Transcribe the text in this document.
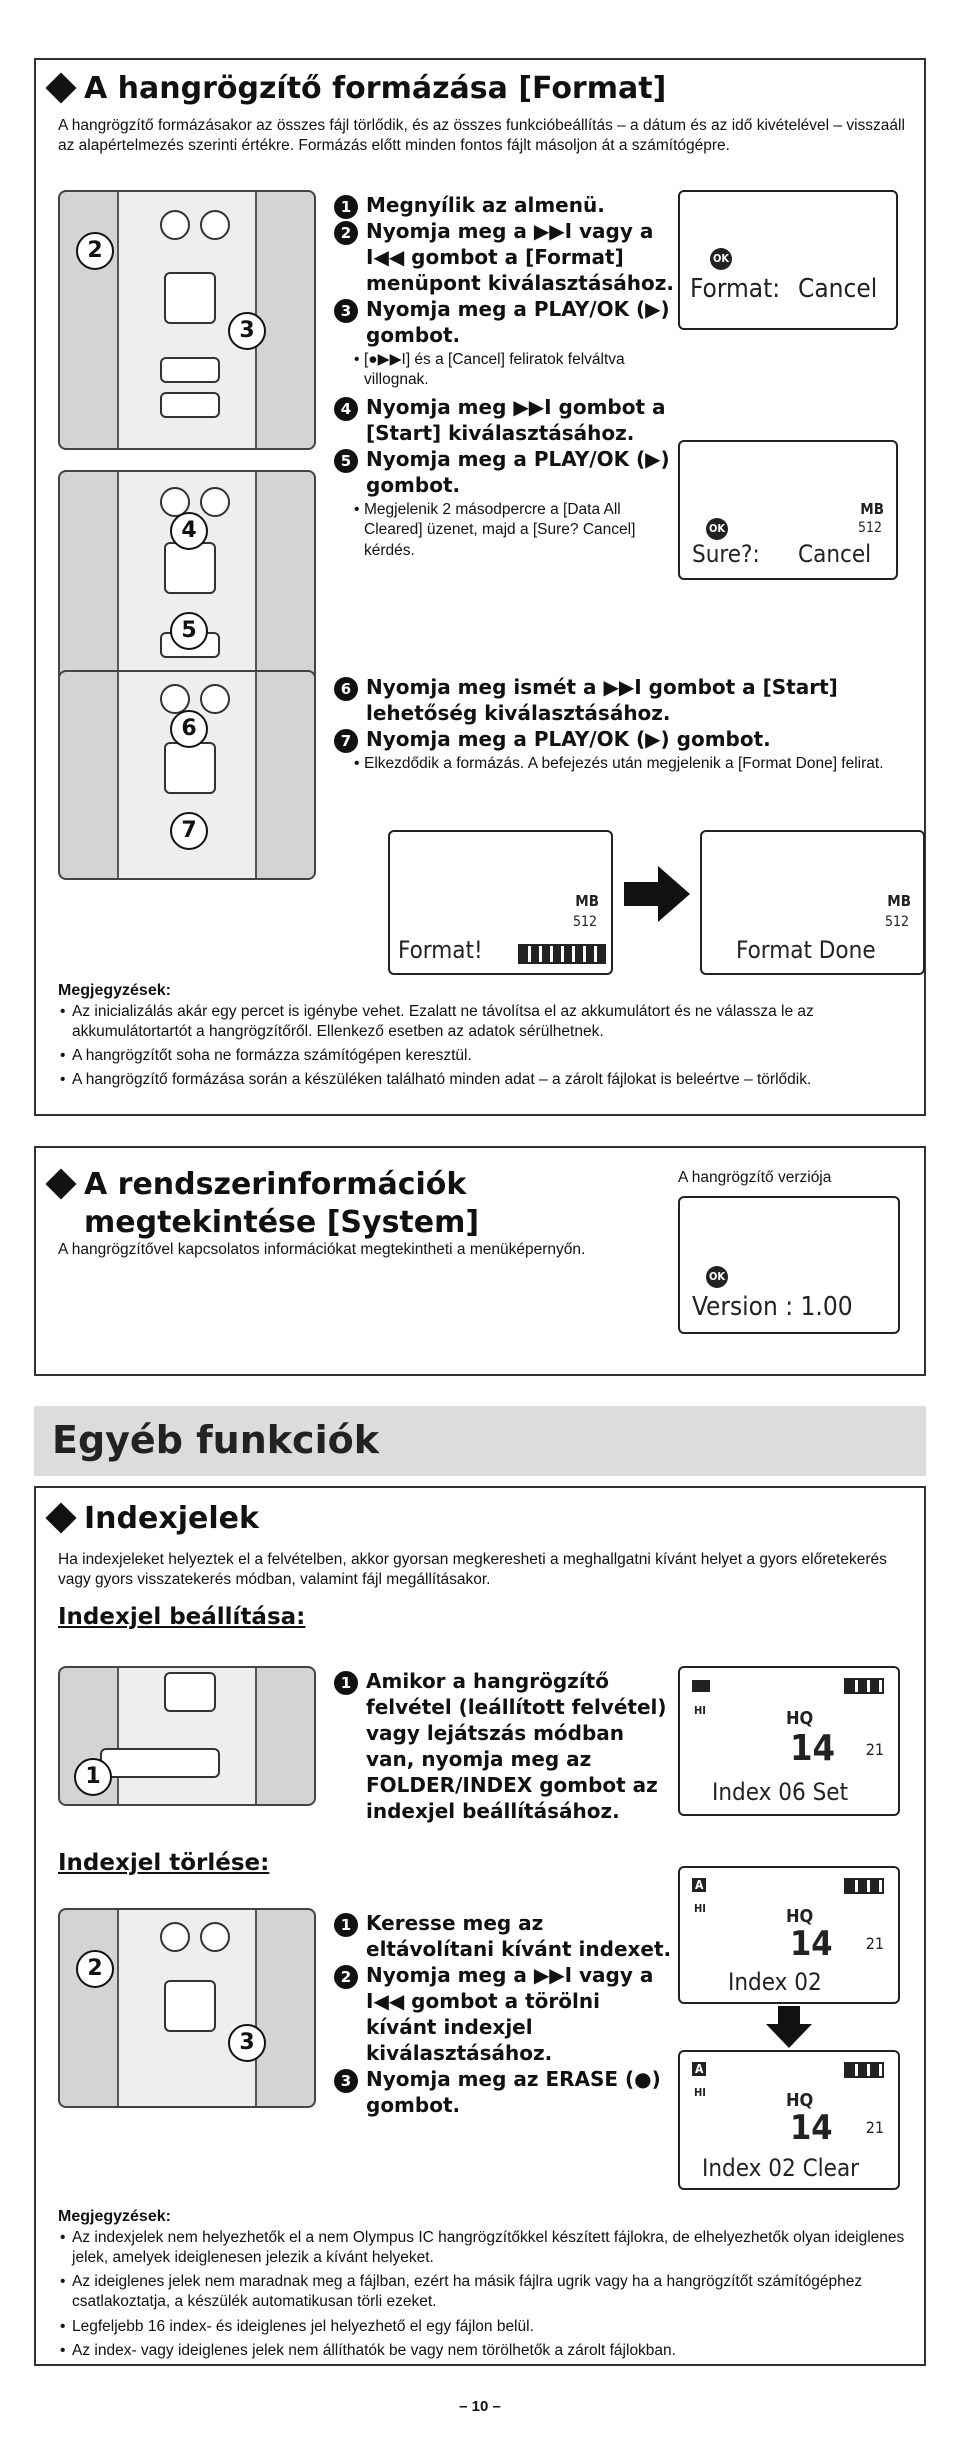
A hangrögzítő formázása [Format]
A hangrögzítő formázásakor az összes fájl törlődik, és az összes funkcióbeállítás – a dátum és az idő kivételével – visszaáll az alapértelmezés szerinti értékre. Formázás előtt minden fontos fájlt másoljon át a számítógépre.
2
3
4
5
6
7
1 Megnyílik az almenü.
2 Nyomja meg a ▶▶I vagy a I◀◀ gombot a [Format] menüpont kiválasztásához.
3 Nyomja meg a PLAY/OK (▶) gombot.
• [●▶▶I] és a [Cancel] feliratok felváltva villognak.
4 Nyomja meg ▶▶I gombot a [Start] kiválasztásához.
5 Nyomja meg a PLAY/OK (▶) gombot.
• Megjelenik 2 másodpercre a [Data All Cleared] üzenet, majd a [Sure? Cancel] kérdés.
OK
Format: Cancel
MB
512
OK
Sure?: Cancel
6 Nyomja meg ismét a ▶▶I gombot a [Start] lehetőség kiválasztásához.
7 Nyomja meg a PLAY/OK (▶) gombot.
• Elkezdődik a formázás. A befejezés után megjelenik a [Format Done] felirat.
MB
512
Format!
MB
512
Format Done
Megjegyzések:
• Az inicializálás akár egy percet is igénybe vehet. Ezalatt ne távolítsa el az akkumulátort és ne válassza le az akkumulátortartót a hangrögzítőről. Ellenkező esetben az adatok sérülhetnek.
• A hangrögzítőt soha ne formázza számítógépen keresztül.
• A hangrögzítő formázása során a készüléken található minden adat – a zárolt fájlokat is beleértve – törlődik.
A rendszerinformációk
megtekintése [System]
A hangrögzítővel kapcsolatos információkat megtekintheti a menüképernyőn.
A hangrögzítő verziója
OK
Version : 1.00
Egyéb funkciók
Indexjelek
Ha indexjeleket helyeztek el a felvételben, akkor gyorsan megkeresheti a meghallgatni kívánt helyet a gyors előretekerés vagy gyors visszatekerés módban, valamint fájl megállításakor.
Indexjel beállítása:
1
1 Amikor a hangrögzítő felvétel (leállított felvétel) vagy lejátszás módban van, nyomja meg az FOLDER/INDEX gombot az indexjel beállításához.
Indexjel törlése:
2
3
1 Keresse meg az eltávolítani kívánt indexet.
2 Nyomja meg a ▶▶I vagy a I◀◀ gombot a törölni kívánt indexjel kiválasztásához.
3 Nyomja meg az ERASE (●) gombot.
HI	HQ
14 21
Index 06 Set
A
HI	HQ
14 21
Index 02
A
HI	HQ
14 21
Index 02 Clear
Megjegyzések:
• Az indexjelek nem helyezhetők el a nem Olympus IC hangrögzítőkkel készített fájlokra, de elhelyezhetők olyan ideiglenes jelek, amelyek ideiglenesen jelezik a kívánt helyeket.
• Az ideiglenes jelek nem maradnak meg a fájlban, ezért ha másik fájlra ugrik vagy ha a hangrögzítőt számítógéphez csatlakoztatja, a készülék automatikusan törli ezeket.
• Legfeljebb 16 index- és ideiglenes jel helyezhető el egy fájlon belül.
• Az index- vagy ideiglenes jelek nem állíthatók be vagy nem törölhetők a zárolt fájlokban.
– 10 –
